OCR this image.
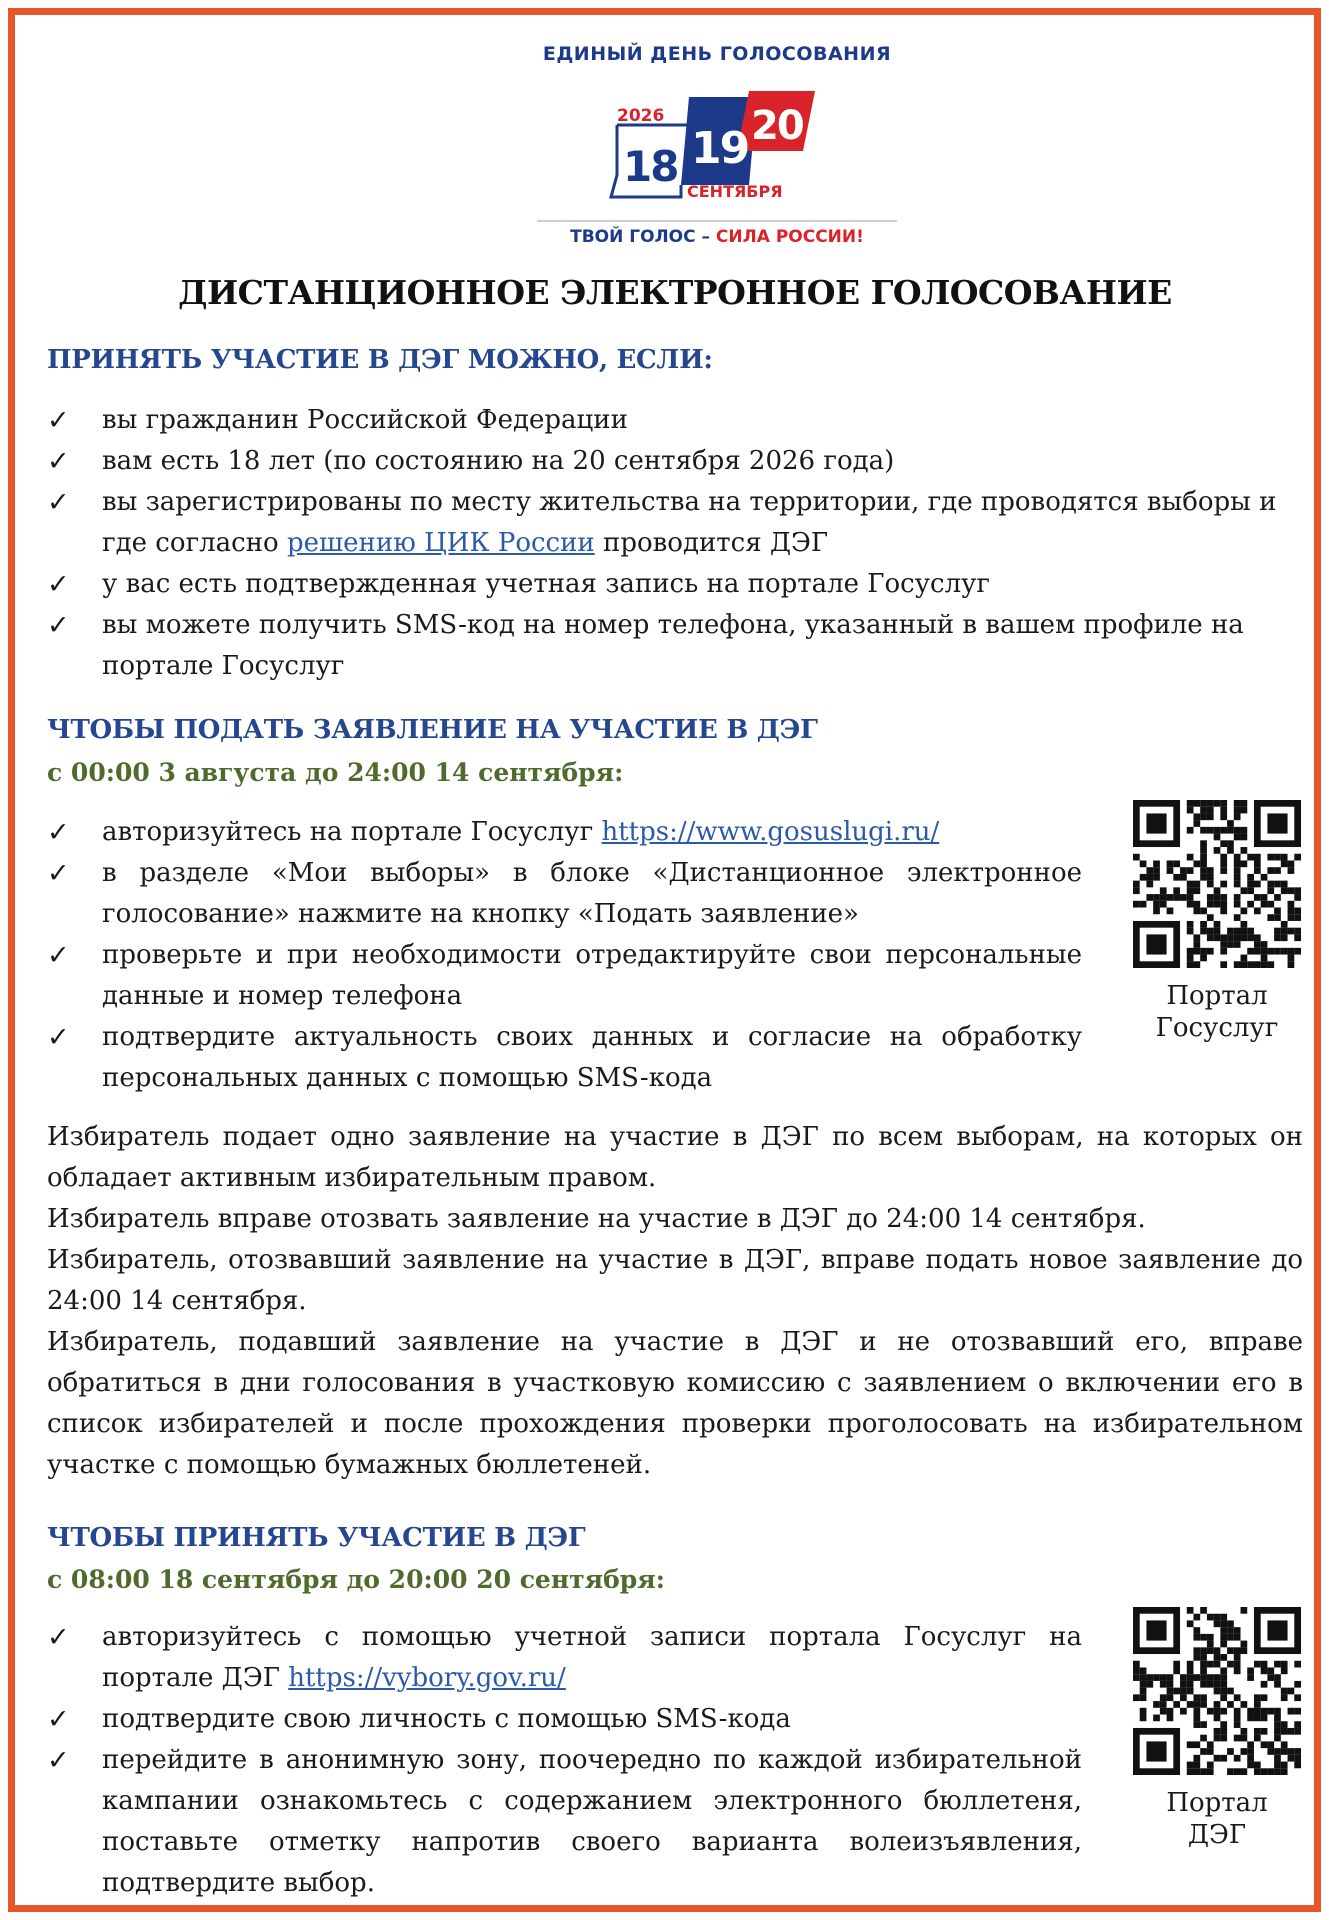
ЕДИНЫЙ ДЕНЬ ГОЛОСОВАНИЯ
2026
18 19 20
СЕНТЯБРЯ
ТВОЙ ГОЛОС – СИЛА РОССИИ!
ДИСТАНЦИОННОЕ ЭЛЕКТРОННОЕ ГОЛОСОВАНИЕ
ПРИНЯТЬ УЧАСТИЕ В ДЭГ МОЖНО, ЕСЛИ:
✓ вы гражданин Российской Федерации
✓ вам есть 18 лет (по состоянию на 20 сентября 2026 года)
✓ вы зарегистрированы по месту жительства на территории, где проводятся выборы и где согласно решению ЦИК России проводится ДЭГ
✓ у вас есть подтвержденная учетная запись на портале Госуслуг
✓ вы можете получить SMS-код на номер телефона, указанный в вашем профиле на портале Госуслуг
ЧТОБЫ ПОДАТЬ ЗАЯВЛЕНИЕ НА УЧАСТИЕ В ДЭГ
с 00:00 3 августа до 24:00 14 сентября:
✓ авторизуйтесь на портале Госуслуг https://www.gosuslugi.ru/
✓ в разделе «Мои выборы» в блоке «Дистанционное электронное голосование» нажмите на кнопку «Подать заявление»
✓ проверьте и при необходимости отредактируйте свои персональные данные и номер телефона
✓ подтвердите актуальность своих данных и согласие на обработку персональных данных с помощью SMS-кода
Портал
Госуслуг

Избиратель подает одно заявление на участие в ДЭГ по всем выборам, на которых он обладает активным избирательным правом.

Избиратель вправе отозвать заявление на участие в ДЭГ до 24:00 14 сентября.

Избиратель, отозвавший заявление на участие в ДЭГ, вправе подать новое заявление до 24:00 14 сентября.

Избиратель, подавший заявление на участие в ДЭГ и не отозвавший его, вправе обратиться в дни голосования в участковую комиссию с заявлением о включении его в список избирателей и после прохождения проверки проголосовать на избирательном участке с помощью бумажных бюллетеней.

ЧТОБЫ ПРИНЯТЬ УЧАСТИЕ В ДЭГ
с 08:00 18 сентября до 20:00 20 сентября:
✓ авторизуйтесь с помощью учетной записи портала Госуслуг на портале ДЭГ https://vybory.gov.ru/
✓ подтвердите свою личность с помощью SMS-кода
✓ перейдите в анонимную зону, поочередно по каждой избирательной кампании ознакомьтесь с содержанием электронного бюллетеня, поставьте отметку напротив своего варианта волеизъявления, подтвердите выбор.
Портал
ДЭГ
